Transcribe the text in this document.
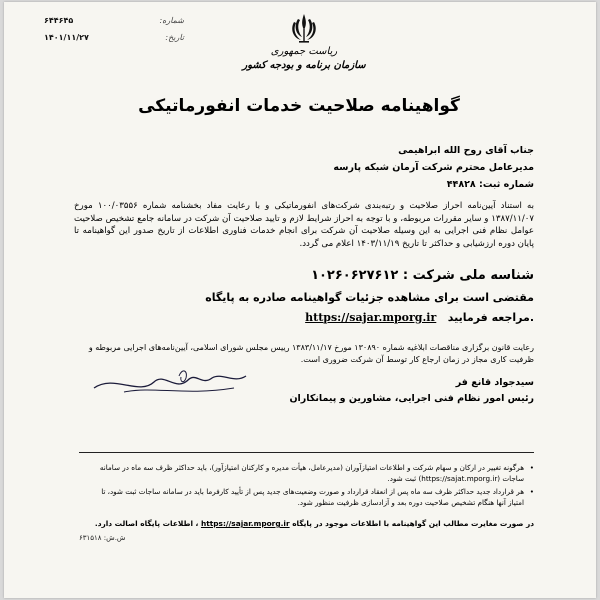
شماره:
۶۴۴۶۴۵
تاریخ:
۱۴۰۱/۱۱/۲۷
ریاست جمهوری
سازمان برنامه و بودجه کشور
گواهینامه صلاحیت خدمات انفورماتیکی
جناب آقای روح الله ابراهیمی
مدیرعامل محترم شرکت آرمان شبکه پارسه
شماره ثبت: ۴۴۸۲۸
به استناد آیین‌نامه احراز صلاحیت و رتبه‌بندی شرکت‌های انفورماتیکی و با رعایت مفاد بخشنامه شماره ۱۰۰/۰۳۵۵۶ مورخ ۱۳۸۷/۱۱/۰۷ و سایر مقررات مربوطه، و با توجه به احراز شرایط لازم و تایید صلاحیت آن شرکت در سامانه جامع تشخیص صلاحیت عوامل نظام فنی اجرایی به این وسیله صلاحیت آن شرکت برای انجام خدمات فناوری اطلاعات از تاریخ صدور این گواهینامه تا پایان دوره ارزشیابی و حداکثر تا تاریخ ۱۴۰۳/۱۱/۱۹ اعلام می گردد.
شناسه ملی شرکت : ۱۰۲۶۰۶۲۷۶۱۲
مقتضی است برای مشاهده جزئیات گواهینامه صادره به پایگاه
https://sajar.mporg.ir مراجعه فرمایید.
رعایت قانون برگزاری مناقصات ابلاغیه شماره ۱۳۰۸۹۰ مورخ ۱۳۸۳/۱۱/۱۷ رییس مجلس شورای اسلامی، آیین‌نامه‌های اجرایی مربوطه و ظرفیت کاری مجاز در زمان ارجاع کار توسط آن شرکت ضروری است.
سیدجواد قانع فر
رئیس امور نظام فنی اجرایی، مشاورین و پیمانکاران
•
هرگونه تغییر در ارکان و سهام شرکت و اطلاعات امتیازآوران (مدیرعامل، هیأت مدیره و کارکنان امتیازآور)، باید حداکثر ظرف سه ماه در سامانه ساجات (https://sajat.mporg.ir) ثبت شود.
•
هر قرارداد جدید حداکثر ظرف سه ماه پس از انعقاد قرارداد و صورت وضعیت‌های جدید پس از تأیید کارفرما باید در سامانه ساجات ثبت شود، تا امتیاز آنها هنگام تشخیص صلاحیت دوره بعد و آزادسازی ظرفیت منظور شود.
در صورت مغایرت مطالب این گواهینامه با اطلاعات موجود در پایگاه https://sajar.mporg.ir ، اطلاعات پایگاه اصالت دارد.
ش.ش: ۶۳۱۵۱۸
